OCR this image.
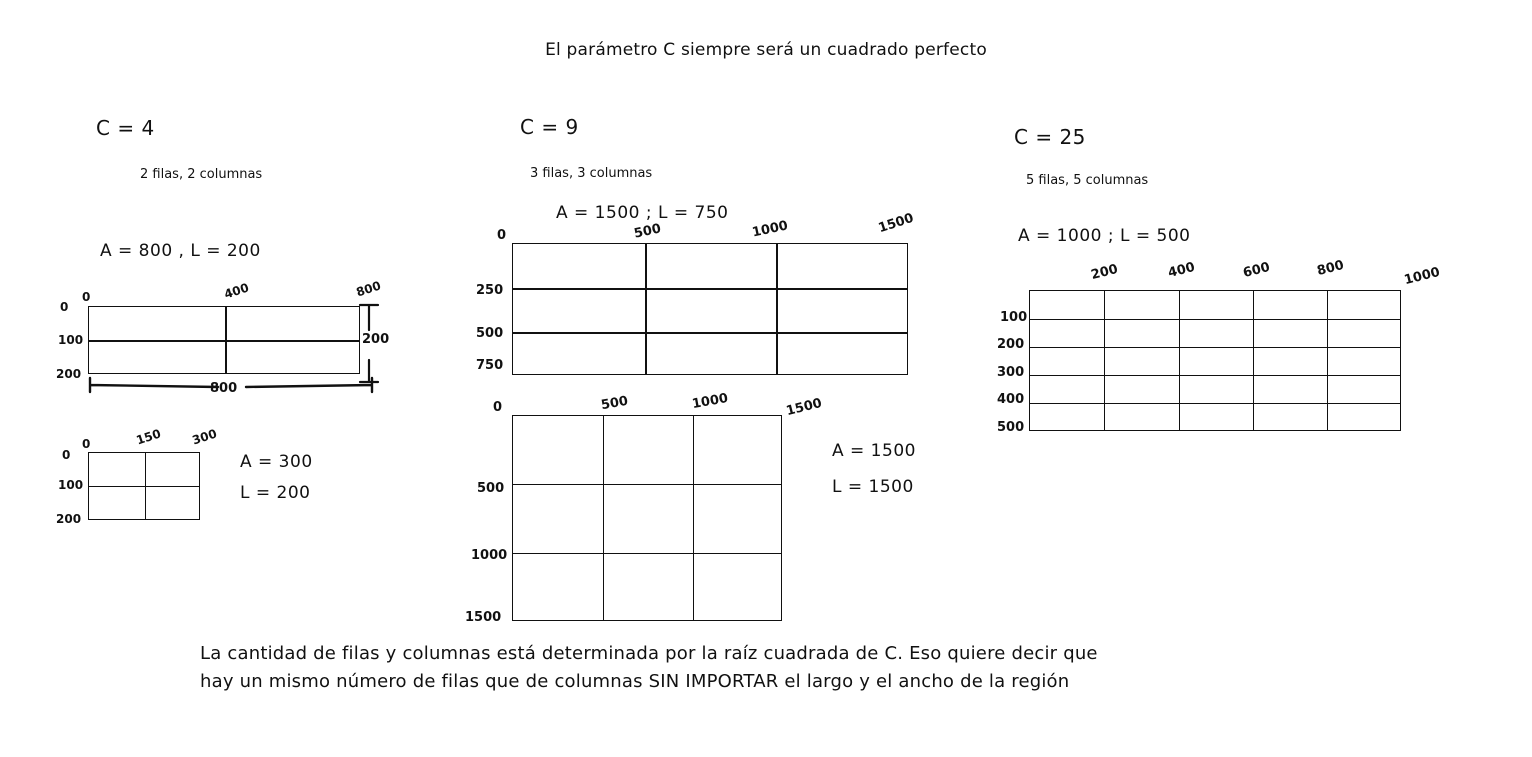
El parámetro C siempre será un cuadrado perfecto
C = 4
2 filas, 2 columnas
A = 800 , L = 200
0	400	800
0
100
200
800
200
0	150 300
0
100
200
A = 300
L = 200
C = 9
3 filas, 3 columnas
A = 1500 ; L = 750
0	500	1000	1500
250
500
750
0	500	1000	1500
500
1000
1500
A = 1500
L = 1500
C = 25
5 filas, 5 columnas
A = 1000 ; L = 500
200	400	600	800	1000
100
200
300
400
500
La cantidad de filas y columnas está determinada por la raíz cuadrada de C. Eso quiere decir que
hay un mismo número de filas que de columnas SIN IMPORTAR el largo y el ancho de la región
